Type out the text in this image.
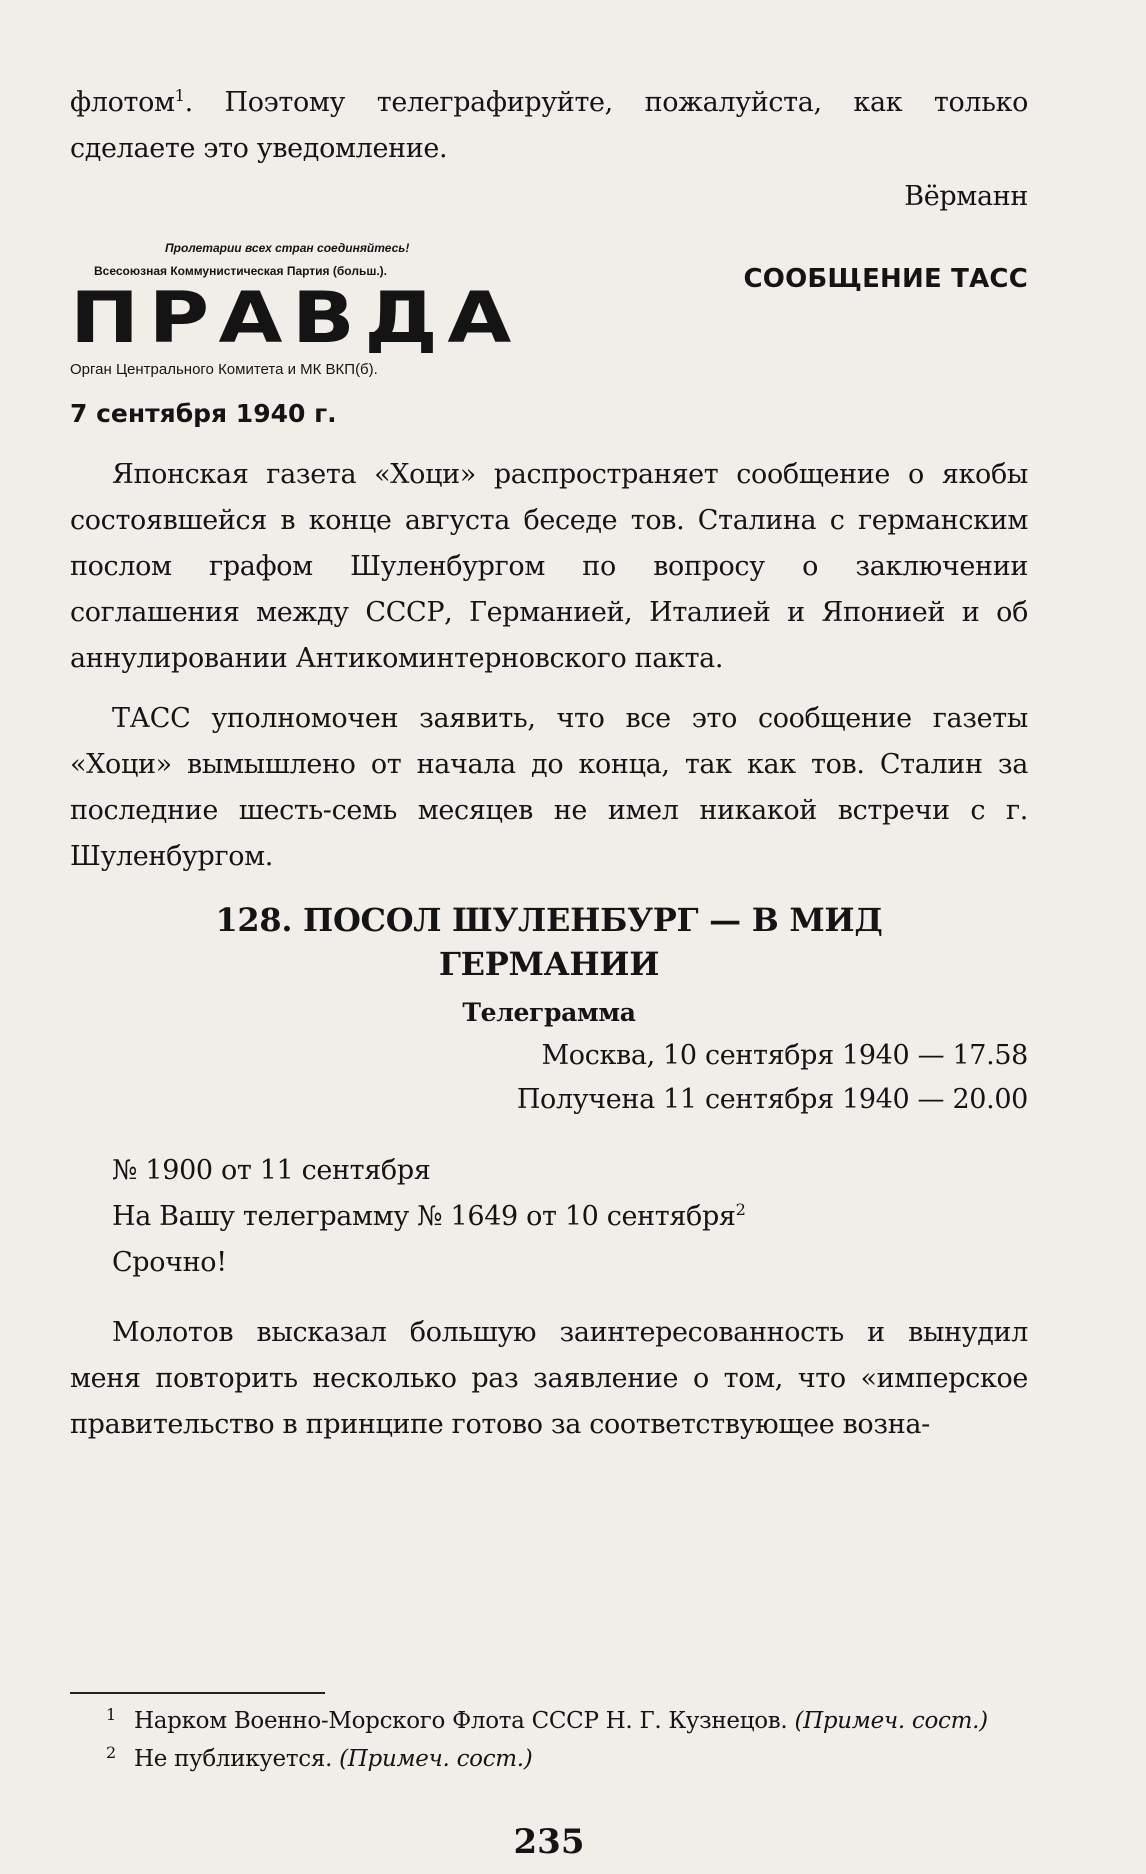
флотом$^1$. Поэтому телеграфируйте, пожалуйста, как только сделаете это уведомление.

Вёрманн

Пролетарии всех стран соединяйтесь!
Всесоюзная Коммунистическая Партия (больш.).
ПРАВДА
Орган Центрального Комитета и МК ВКП(б).
СООБЩЕНИЕ ТАСС
7 сентября 1940 г.

Японская газета «Хоци» распространяет сообщение о якобы состоявшейся в конце августа беседе тов. Сталина с германским послом графом Шуленбургом по вопросу о заключении соглашения между СССР, Германией, Италией и Японией и об аннулировании Антикоминтерновского пакта.

ТАСС уполномочен заявить, что все это сообщение газеты «Хоци» вымышлено от начала до конца, так как тов. Сталин за последние шесть-семь месяцев не имел никакой встречи с г. Шуленбургом.

128. ПОСОЛ ШУЛЕНБУРГ — В МИД
ГЕРМАНИИ
Телеграмма

Москва, 10 сентября 1940 — 17.58

Получена 11 сентября 1940 — 20.00

№ 1900 от 11 сентября
На Вашу телеграмму № 1649 от 10 сентября$^2$
Срочно!

Молотов высказал большую заинтересованность и вынудил меня повторить несколько раз заявление о том, что «имперское правительство в принципе готово за соответствующее возна-

1 Нарком Военно-Морского Флота СССР Н. Г. Кузнецов. (Примеч. сост.)
2 Не публикуется. (Примеч. сост.)
235
